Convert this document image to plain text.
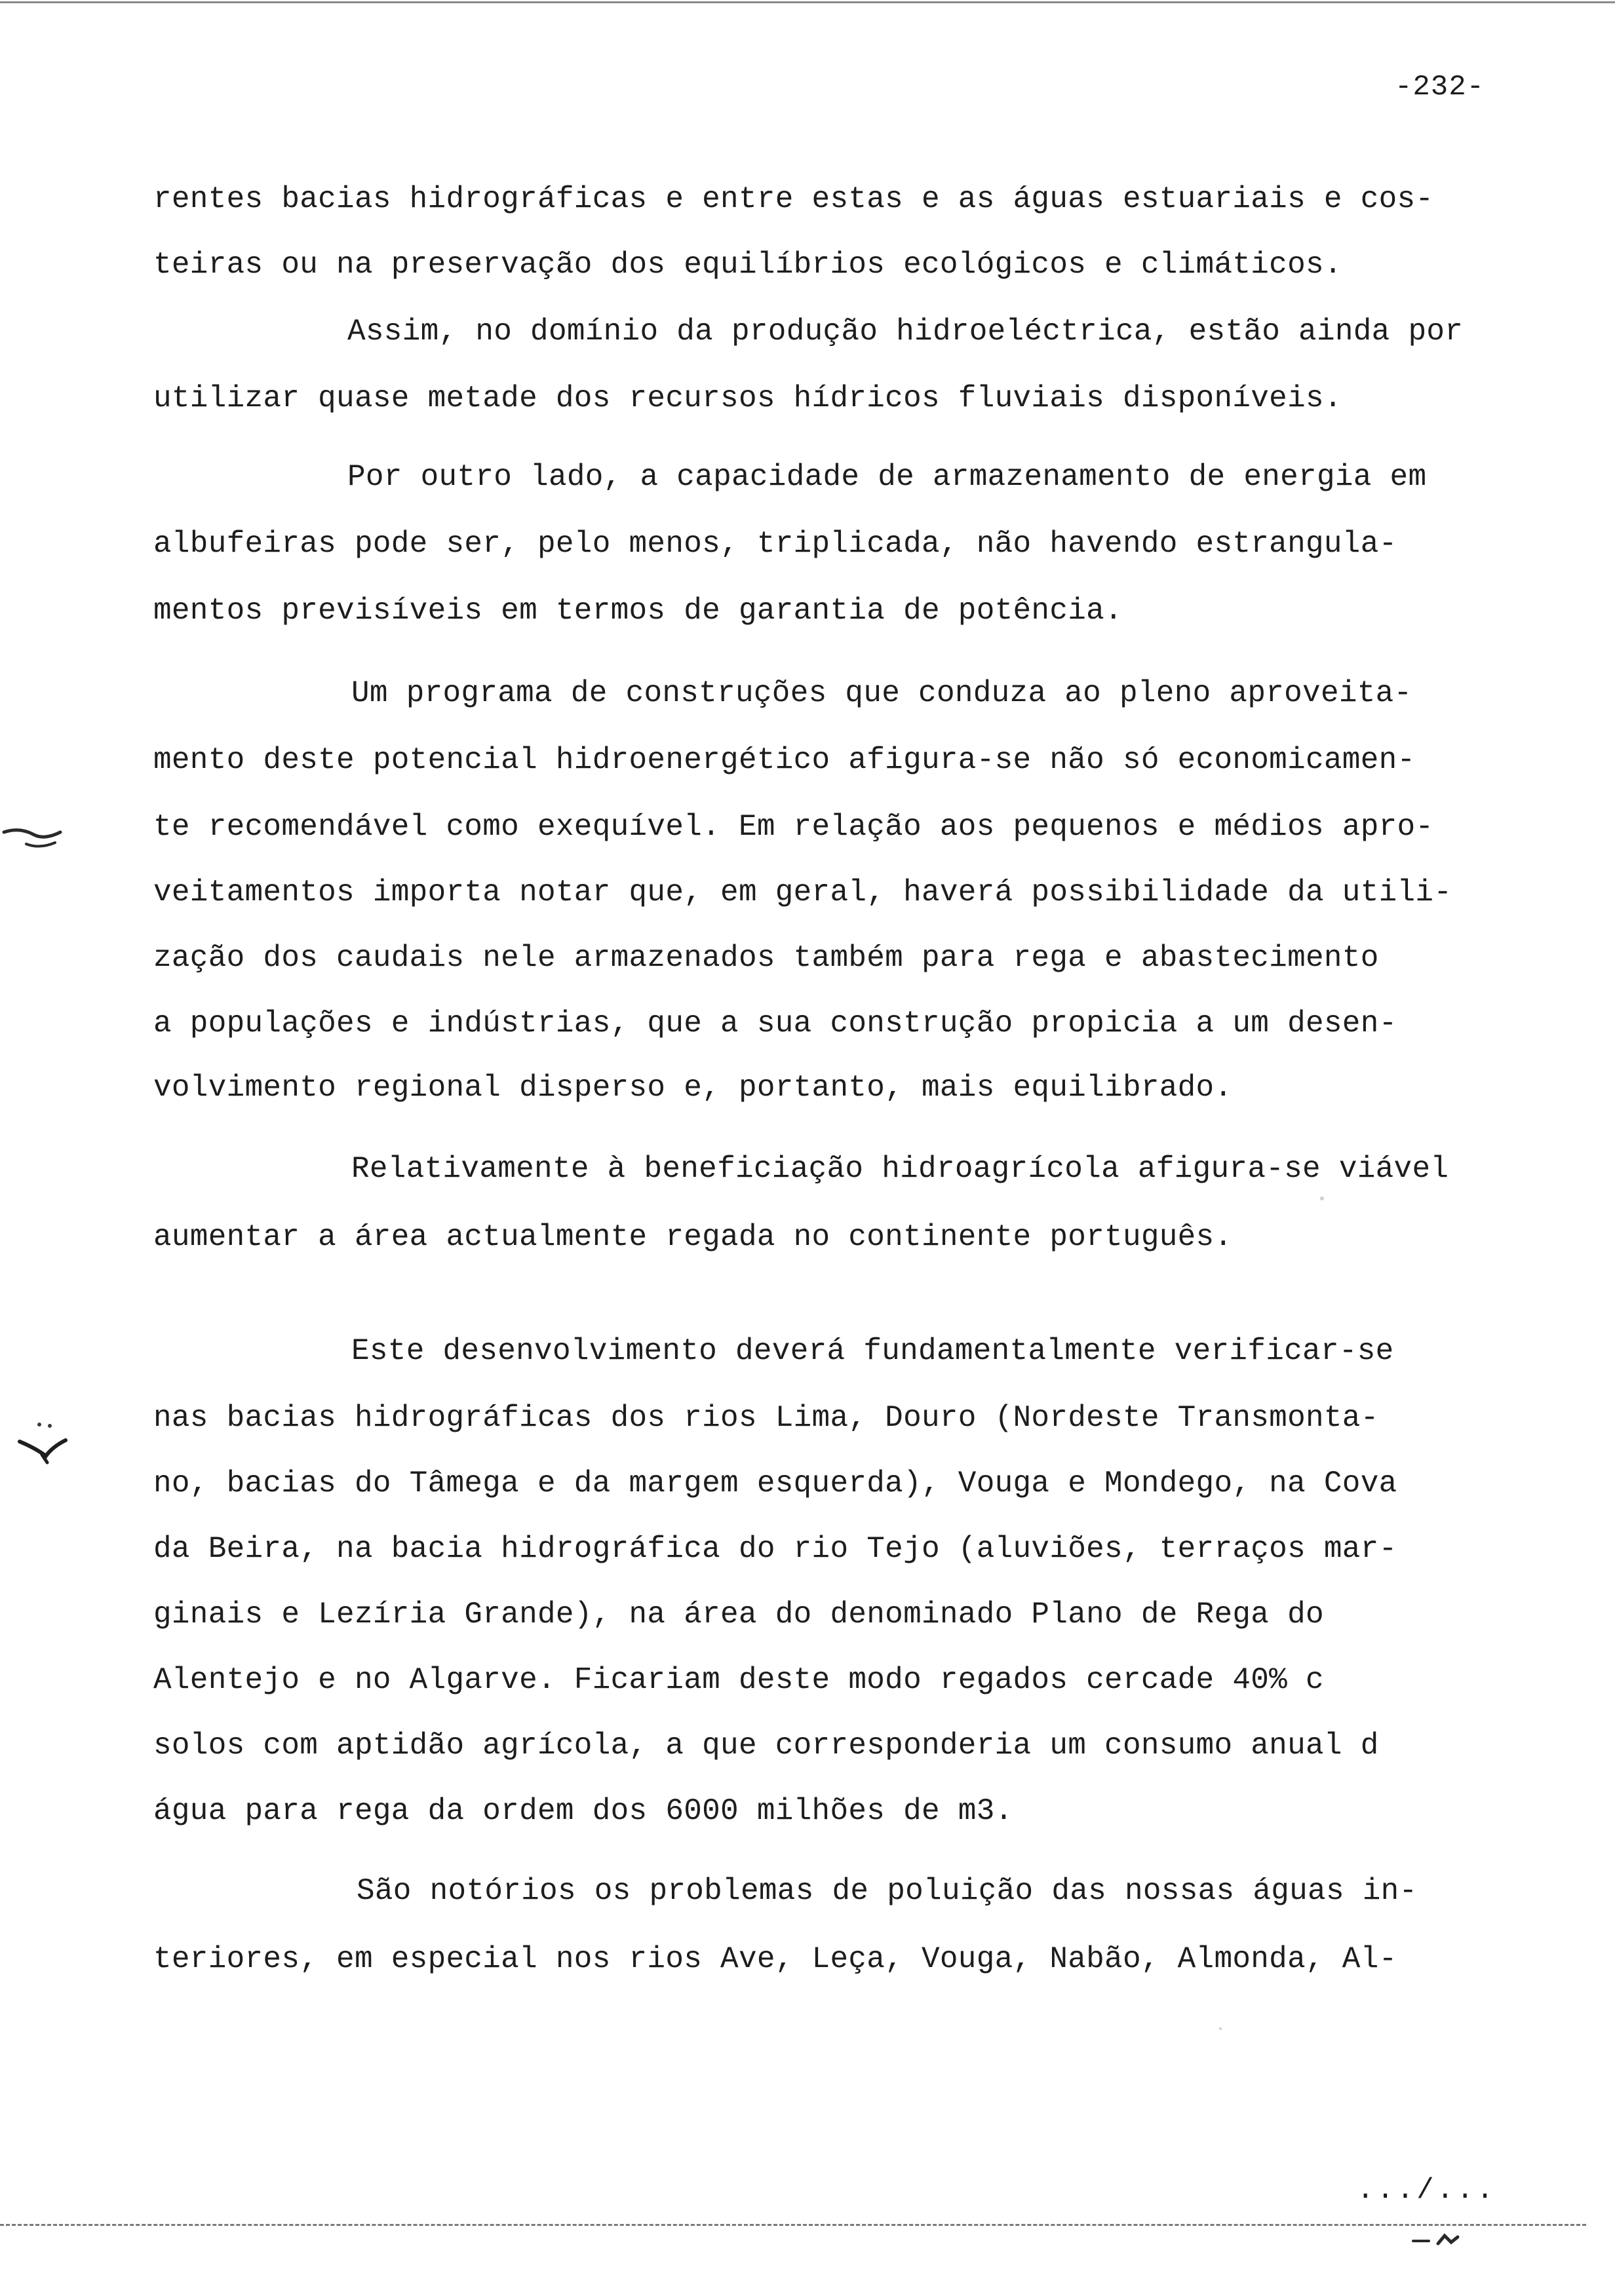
-232-
rentes bacias hidrográficas e entre estas e as águas estuariais e cos-
teiras ou na preservação dos equilíbrios ecológicos e climáticos.
Assim, no domínio da produção hidroeléctrica, estão ainda por
utilizar quase metade dos recursos hídricos fluviais disponíveis.
Por outro lado, a capacidade de armazenamento de energia em
albufeiras pode ser, pelo menos, triplicada, não havendo estrangula-
mentos previsíveis em termos de garantia de potência.
Um programa de construções que conduza ao pleno aproveita-
mento deste potencial hidroenergético afigura-se não só economicamen-
te recomendável como exequível. Em relação aos pequenos e médios apro-
veitamentos importa notar que, em geral, haverá possibilidade da utili-
zação dos caudais nele armazenados também para rega e abastecimento
a populações e indústrias, que a sua construção propicia a um desen-
volvimento regional disperso e, portanto, mais equilibrado.
Relativamente à beneficiação hidroagrícola afigura-se viável
aumentar a área actualmente regada no continente português.
Este desenvolvimento deverá fundamentalmente verificar-se
nas bacias hidrográficas dos rios Lima, Douro (Nordeste Transmonta-
no, bacias do Tâmega e da margem esquerda), Vouga e Mondego, na Cova
da Beira, na bacia hidrográfica do rio Tejo (aluviões, terraços mar-
ginais e Lezíria Grande), na área do denominado Plano de Rega do
Alentejo e no Algarve. Ficariam deste modo regados cercade 40% c
solos com aptidão agrícola, a que corresponderia um consumo anual d
água para rega da ordem dos 6000 milhões de m3.
São notórios os problemas de poluição das nossas águas in-
teriores, em especial nos rios Ave, Leça, Vouga, Nabão, Almonda, Al-
.../...
